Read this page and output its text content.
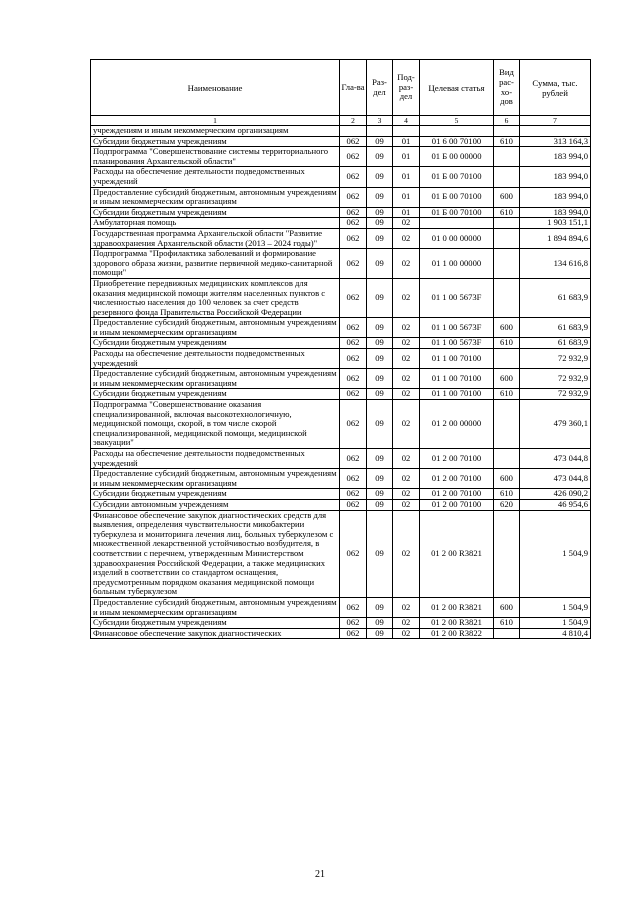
Наименование	Гла-ва	Раз-дел	Под-раз-дел	Целевая статья	Вид рас-хо-дов	Сумма, тыс. рублей
1	2	3	4	5	6	7
учреждениям и иным некоммерческим организациям						
Субсидии бюджетным учреждениям	062	09	01	01 6 00 70100	610	313 164,3
Подпрограмма "Совершенствование системы территориального планирования Архангельской области"	062	09	01	01 Б 00 00000		183 994,0
Расходы на обеспечение деятельности подведомственных учреждений	062	09	01	01 Б 00 70100		183 994,0
Предоставление субсидий бюджетным, автономным учреждениям и иным некоммерческим организациям	062	09	01	01 Б 00 70100	600	183 994,0
Субсидии бюджетным учреждениям	062	09	01	01 Б 00 70100	610	183 994,0
Амбулаторная помощь	062	09	02			1 903 151,1
Государственная программа Архангельской области "Развитие здравоохранения Архангельской области (2013 – 2024 годы)"	062	09	02	01 0 00 00000		1 894 894,6
Подпрограмма "Профилактика заболеваний и формирование здорового образа жизни, развитие первичной медико-санитарной помощи"	062	09	02	01 1 00 00000		134 616,8
Приобретение передвижных медицинских комплексов для оказания медицинской помощи жителям населенных пунктов с численностью населения до 100 человек за счет средств резервного фонда Правительства Российской Федерации	062	09	02	01 1 00 5673F		61 683,9
Предоставление субсидий бюджетным, автономным учреждениям и иным некоммерческим организациям	062	09	02	01 1 00 5673F	600	61 683,9
Субсидии бюджетным учреждениям	062	09	02	01 1 00 5673F	610	61 683,9
Расходы на обеспечение деятельности подведомственных учреждений	062	09	02	01 1 00 70100		72 932,9
Предоставление субсидий бюджетным, автономным учреждениям и иным некоммерческим организациям	062	09	02	01 1 00 70100	600	72 932,9
Субсидии бюджетным учреждениям	062	09	02	01 1 00 70100	610	72 932,9
Подпрограмма "Совершенствование оказания специализированной, включая высокотехнологичную, медицинской помощи, скорой, в том числе скорой специализированной, медицинской помощи, медицинской эвакуации"	062	09	02	01 2 00 00000		479 360,1
Расходы на обеспечение деятельности подведомственных учреждений	062	09	02	01 2 00 70100		473 044,8
Предоставление субсидий бюджетным, автономным учреждениям и иным некоммерческим организациям	062	09	02	01 2 00 70100	600	473 044,8
Субсидии бюджетным учреждениям	062	09	02	01 2 00 70100	610	426 090,2
Субсидии автономным учреждениям	062	09	02	01 2 00 70100	620	46 954,6
Финансовое обеспечение закупок диагностических средств для выявления, определения чувствительности микобактерии туберкулеза и мониторинга лечения лиц, больных туберкулезом с множественной лекарственной устойчивостью возбудителя, в соответствии с перечнем, утвержденным Министерством здравоохранения Российской Федерации, а также медицинских изделий в соответствии со стандартом оснащения, предусмотренным порядком оказания медицинской помощи больным туберкулезом	062	09	02	01 2 00 R3821		1 504,9
Предоставление субсидий бюджетным, автономным учреждениям и иным некоммерческим организациям	062	09	02	01 2 00 R3821	600	1 504,9
Субсидии бюджетным учреждениям	062	09	02	01 2 00 R3821	610	1 504,9
Финансовое обеспечение закупок диагностических	062	09	02	01 2 00 R3822		4 810,4
21
